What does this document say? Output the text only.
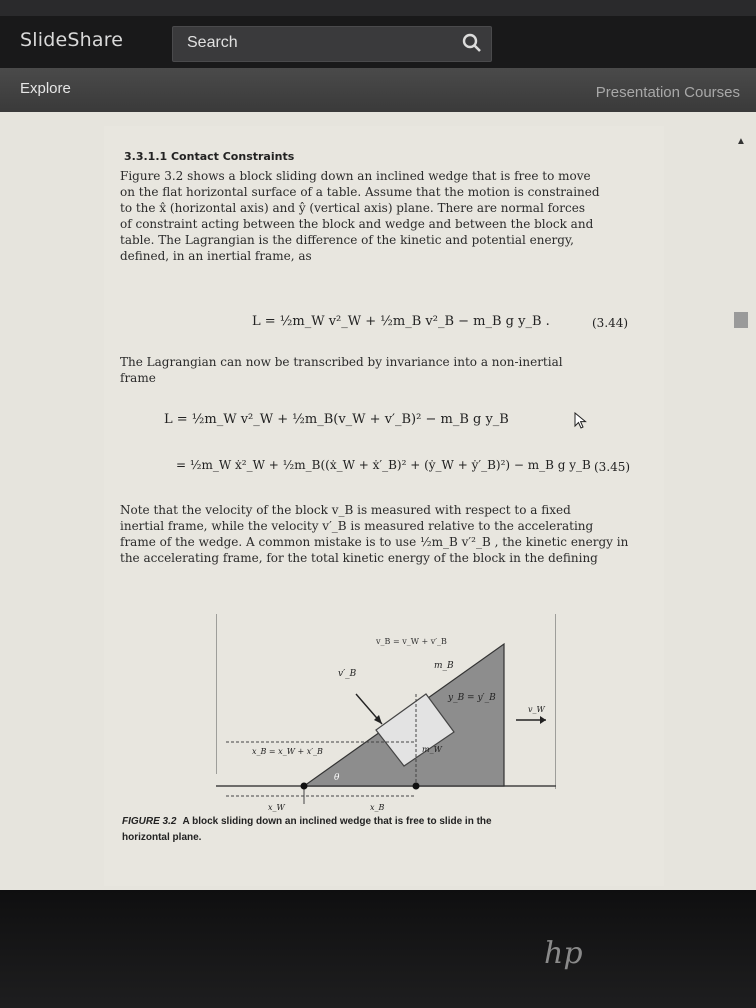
SlideShare	Search
Explore	Presentation Courses
▲
3.3.1.1 Contact Constraints
Figure 3.2 shows a block sliding down an inclined wedge that is free to move
on the flat horizontal surface of a table. Assume that the motion is constrained
to the x̂ (horizontal axis) and ŷ (vertical axis) plane. There are normal forces
of constraint acting between the block and wedge and between the block and
table. The Lagrangian is the difference of the kinetic and potential energy,
defined, in an inertial frame, as
L = ½m_W v²_W + ½m_B v²_B − m_B g y_B .	(3.44)
The Lagrangian can now be transcribed by invariance into a non-inertial
frame
L = ½m_W v²_W + ½m_B(v_W + v′_B)² − m_B g y_B
= ½m_W ẋ²_W + ½m_B((ẋ_W + ẋ′_B)² + (ẏ_W + ẏ′_B)²) − m_B g y_B (3.45)
Note that the velocity of the block v_B is measured with respect to a fixed
inertial frame, while the velocity v′_B is measured relative to the accelerating
frame of the wedge. A common mistake is to use ½m_B v′²_B , the kinetic energy in
the accelerating frame, for the total kinetic energy of the block in the defining
v_B = v_W + v′_B
m_B
v′_B
y_B = y′_B
v_W
m_W
x_B = x_W + x′_B
θ
x_W	x_B
FIGURE 3.2 A block sliding down an inclined wedge that is free to slide in the
horizontal plane.
ℎ𝑝
